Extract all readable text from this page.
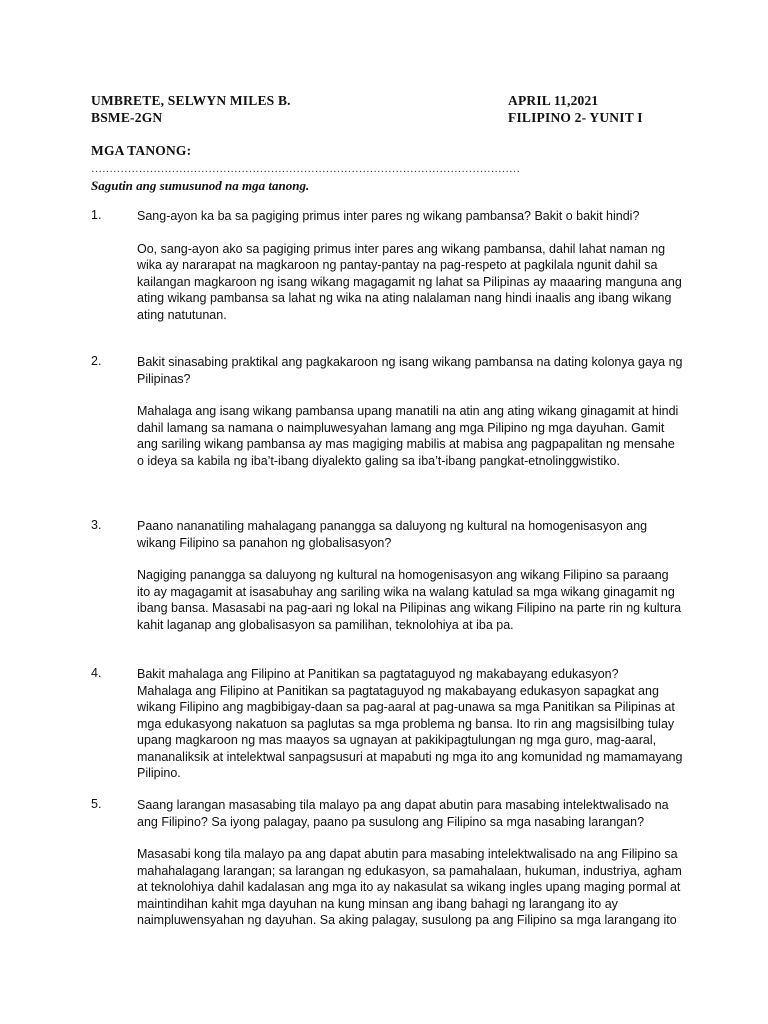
UMBRETE, SELWYN MILES B.	APRIL 11,2021
BSME-2GN	FILIPINO 2- YUNIT I
MGA TANONG:
………………………………………………………………………………………………………
Sagutin ang sumusunod na mga tanong.
1.	Sang-ayon ka ba sa pagiging primus inter pares ng wikang pambansa? Bakit o bakit hindi?

Oo, sang-ayon ako sa pagiging primus inter pares ang wikang pambansa, dahil lahat naman ng wika ay nararapat na magkaroon ng pantay-pantay na pag-respeto at pagkilala ngunit dahil sa kailangan magkaroon ng isang wikang magagamit ng lahat sa Pilipinas ay maaaring manguna ang ating wikang pambansa sa lahat ng wika na ating nalalaman nang hindi inaalis ang ibang wikang ating natutunan.

2.	Bakit sinasabing praktikal ang pagkakaroon ng isang wikang pambansa na dating kolonya gaya ng Pilipinas?

Mahalaga ang isang wikang pambansa upang manatili na atin ang ating wikang ginagamit at hindi dahil lamang sa namana o naimpluwesyahan lamang ang mga Pilipino ng mga dayuhan. Gamit ang sariling wikang pambansa ay mas magiging mabilis at mabisa ang pagpapalitan ng mensahe o ideya sa kabila ng iba’t-ibang diyalekto galing sa iba’t-ibang pangkat-etnolinggwistiko.

3.	Paano nananatiling mahalagang panangga sa daluyong ng kultural na homogenisasyon ang wikang Filipino sa panahon ng globalisasyon?

Nagiging panangga sa daluyong ng kultural na homogenisasyon ang wikang Filipino sa paraang ito ay magagamit at isasabuhay ang sariling wika na walang katulad sa mga wikang ginagamit ng ibang bansa. Masasabi na pag-aari ng lokal na Pilipinas ang wikang Filipino na parte rin ng kultura kahit laganap ang globalisasyon sa pamilihan, teknolohiya at iba pa.

4.	Bakit mahalaga ang Filipino at Panitikan sa pagtataguyod ng makabayang edukasyon?

Mahalaga ang Filipino at Panitikan sa pagtataguyod ng makabayang edukasyon sapagkat ang wikang Filipino ang magbibigay-daan sa pag-aaral at pag-unawa sa mga Panitikan sa Pilipinas at mga edukasyong nakatuon sa paglutas sa mga problema ng bansa. Ito rin ang magsisilbing tulay upang magkaroon ng mas maayos sa ugnayan at pakikipagtulungan ng mga guro, mag-aaral, mananaliksik at intelektwal sanpagsusuri at mapabuti ng mga ito ang komunidad ng mamamayang Pilipino.

5.	Saang larangan masasabing tila malayo pa ang dapat abutin para masabing intelektwalisado na ang Filipino? Sa iyong palagay, paano pa susulong ang Filipino sa mga nasabing larangan?

Masasabi kong tila malayo pa ang dapat abutin para masabing intelektwalisado na ang Filipino sa mahahalagang larangan; sa larangan ng edukasyon, sa pamahalaan, hukuman, industriya, agham at teknolohiya dahil kadalasan ang mga ito ay nakasulat sa wikang ingles upang maging pormal at maintindihan kahit mga dayuhan na kung minsan ang ibang bahagi ng larangang ito ay naimpluwensyahan ng dayuhan. Sa aking palagay, susulong pa ang Filipino sa mga larangang ito
